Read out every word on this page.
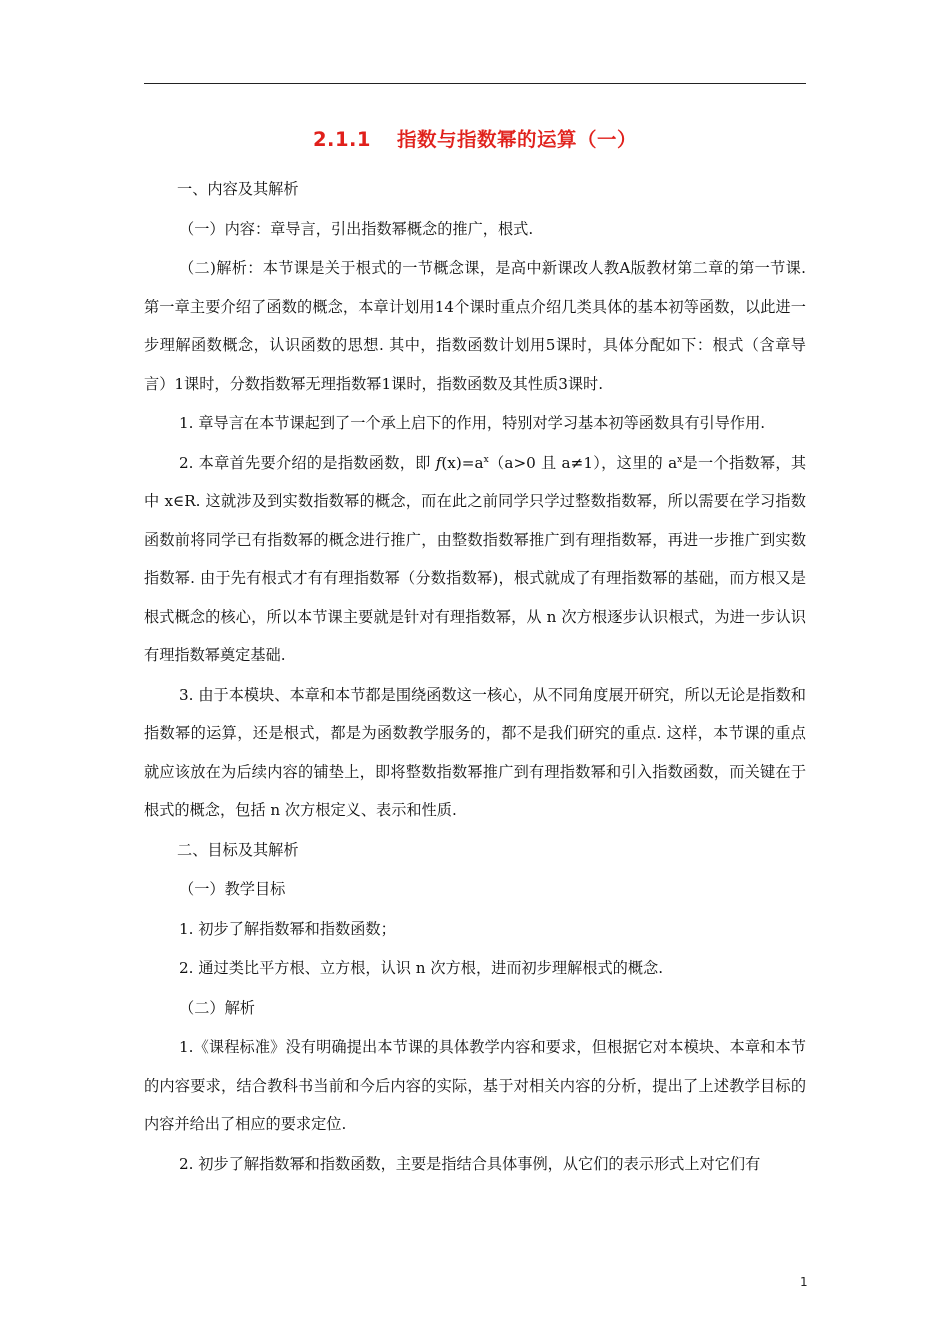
2.1.1 指数与指数幂的运算（一）

一、内容及其解析

（一）内容：章导言，引出指数幂概念的推广，根式.

（二)解析：本节课是关于根式的一节概念课，是高中新课改人教A版教材第二章的第一节课. 第一章主要介绍了函数的概念，本章计划用14个课时重点介绍几类具体的基本初等函数，以此进一步理解函数概念，认识函数的思想. 其中，指数函数计划用5课时，具体分配如下：根式（含章导言）1课时，分数指数幂无理指数幂1课时，指数函数及其性质3课时.

1. 章导言在本节课起到了一个承上启下的作用，特别对学习基本初等函数具有引导作用.

2. 本章首先要介绍的是指数函数，即 $f(x)=a^x(a>0$ 且 a≠1），这里的 $a^x$是一个指数幂，其中 x∈R. 这就涉及到实数指数幂的概念，而在此之前同学只学过整数指数幂，所以需要在学习指数函数前将同学已有指数幂的概念进行推广，由整数指数幂推广到有理指数幂，再进一步推广到实数指数幂. 由于先有根式才有有理指数幂（分数指数幂)，根式就成了有理指数幂的基础，而方根又是根式概念的核心，所以本节课主要就是针对有理指数幂，从 n 次方根逐步认识根式，为进一步认识有理指数幂奠定基础.

3. 由于本模块、本章和本节都是围绕函数这一核心，从不同角度展开研究，所以无论是指数和指数幂的运算，还是根式，都是为函数教学服务的，都不是我们研究的重点. 这样，本节课的重点就应该放在为后续内容的铺垫上，即将整数指数幂推广到有理指数幂和引入指数函数，而关键在于根式的概念，包括 n 次方根定义、表示和性质.

二、目标及其解析

（一）教学目标

1. 初步了解指数幂和指数函数；

2. 通过类比平方根、立方根，认识 n 次方根，进而初步理解根式的概念.

（二）解析

1.《课程标准》没有明确提出本节课的具体教学内容和要求，但根据它对本模块、本章和本节的内容要求，结合教科书当前和今后内容的实际，基于对相关内容的分析，提出了上述教学目标的内容并给出了相应的要求定位.

2. 初步了解指数幂和指数函数，主要是指结合具体事例，从它们的表示形式上对它们有

1
